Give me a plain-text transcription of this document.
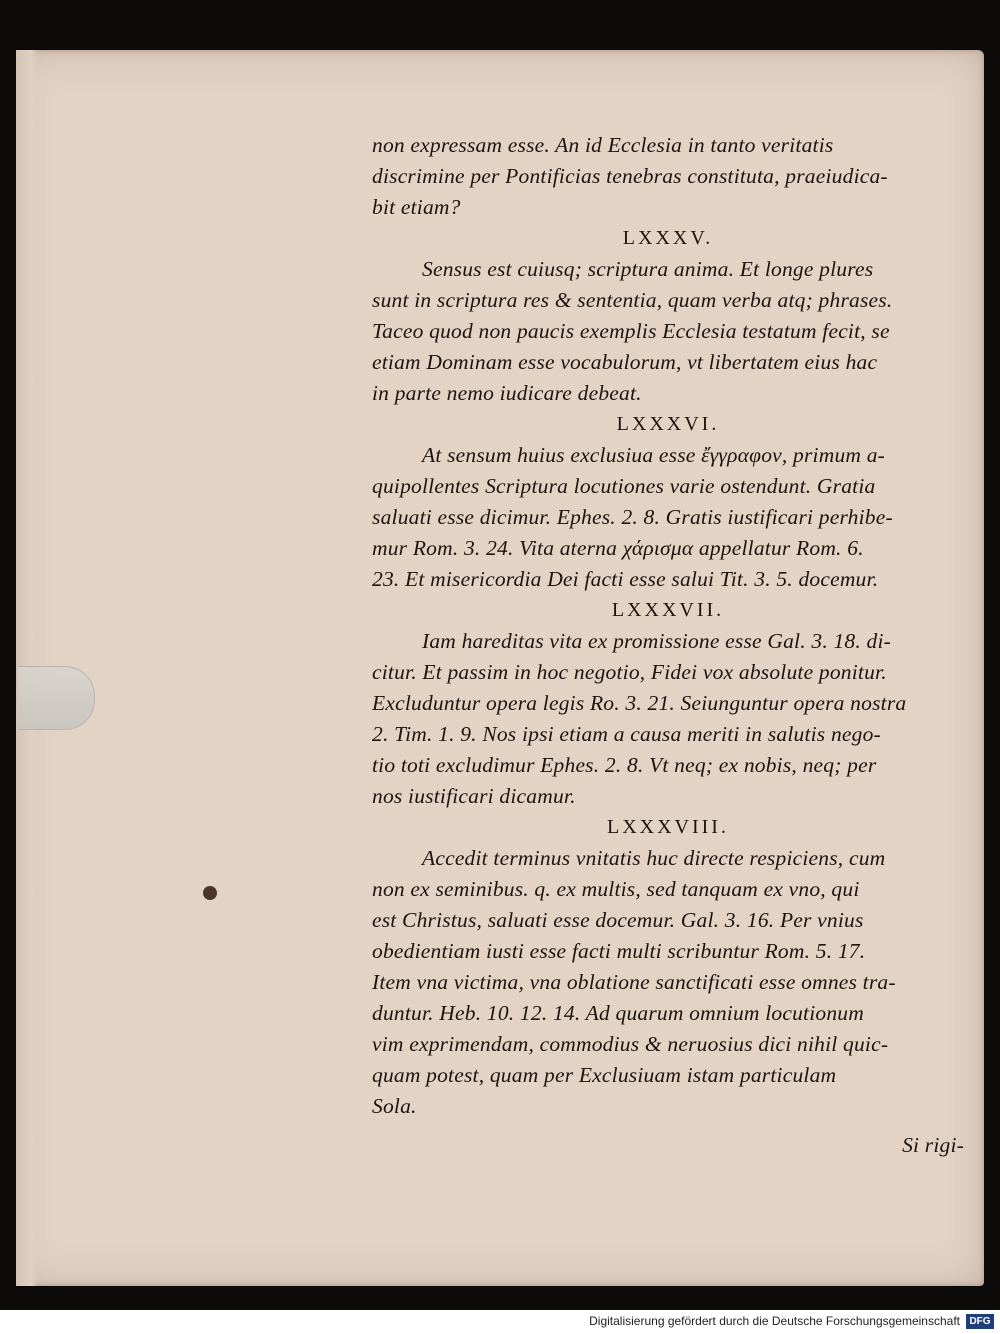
non expressam esse. An id Ecclesia in tanto veritatis
discrimine per Pontificias tenebras constituta, praeiudica-
bit etiam?
LXXXV.
Sensus est cuiusq; scriptura anima. Et longe plures
sunt in scriptura res & sententia, quam verba atq; phrases.
Taceo quod non paucis exemplis Ecclesia testatum fecit, se
etiam Dominam esse vocabulorum, vt libertatem eius hac
in parte nemo iudicare debeat.
LXXXVI.
At sensum huius exclusiua esse ἔγγραφον, primum a-
quipollentes Scriptura locutiones varie ostendunt. Gratia
saluati esse dicimur. Ephes. 2. 8. Gratis iustificari perhibe-
mur Rom. 3. 24. Vita aterna χάρισμα appellatur Rom. 6.
23. Et misericordia Dei facti esse salui Tit. 3. 5. docemur.
LXXXVII.
Iam hareditas vita ex promissione esse Gal. 3. 18. di-
citur. Et passim in hoc negotio, Fidei vox absolute ponitur.
Excluduntur opera legis Ro. 3. 21. Seiunguntur opera nostra
2. Tim. 1. 9. Nos ipsi etiam a causa meriti in salutis nego-
tio toti excludimur Ephes. 2. 8. Vt neq; ex nobis, neq; per
nos iustificari dicamur.
LXXXVIII.
Accedit terminus vnitatis huc directe respiciens, cum
non ex seminibus. q. ex multis, sed tanquam ex vno, qui
est Christus, saluati esse docemur. Gal. 3. 16. Per vnius
obedientiam iusti esse facti multi scribuntur Rom. 5. 17.
Item vna victima, vna oblatione sanctificati esse omnes tra-
duntur. Heb. 10. 12. 14. Ad quarum omnium locutionum
vim exprimendam, commodius & neruosius dici nihil quic-
quam potest, quam per Exclusiuam istam particulam
Sola.
Si rigi-
Digitalisierung gefördert durch die Deutsche Forschungsgemeinschaft DFG
